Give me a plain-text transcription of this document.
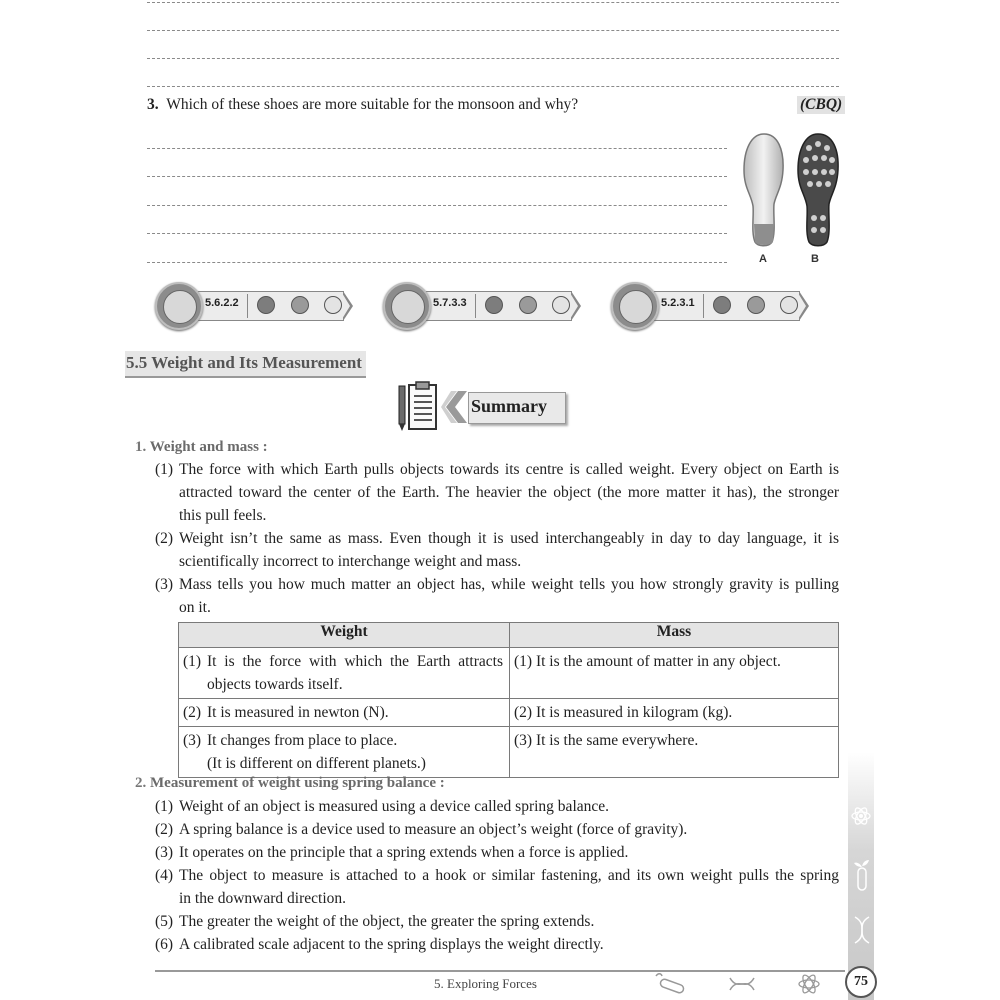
3. Which of these shoes are more suitable for the monsoon and why?	(CBQ)
A	B
5.6.2.2	5.7.3.3	5.2.3.1
5.5 Weight and Its Measurement
Summary
1. Weight and mass :
(1) The force with which Earth pulls objects towards its centre is called weight. Every object on Earth is
attracted toward the center of the Earth. The heavier the object (the more matter it has), the stronger
this pull feels.
(2) Weight isn’t the same as mass. Even though it is used interchangeably in day to day language, it is
scientifically incorrect to interchange weight and mass.
(3) Mass tells you how much matter an object has, while weight tells you how strongly gravity is pulling
on it.
Weight	Mass

(1) It is the force with which the Earth attracts
objects towards itself.	(1) It is the amount of matter in any object.

(2) It is measured in newton (N).	(2) It is measured in kilogram (kg).

(3) It changes from place to place.
(It is different on different planets.)	(3) It is the same everywhere.
2. Measurement of weight using spring balance :
(1) Weight of an object is measured using a device called spring balance.
(2) A spring balance is a device used to measure an object’s weight (force of gravity).
(3) It operates on the principle that a spring extends when a force is applied.
(4) The object to measure is attached to a hook or similar fastening, and its own weight pulls the spring
in the downward direction.
(5) The greater the weight of the object, the greater the spring extends.
(6) A calibrated scale adjacent to the spring displays the weight directly.
5. Exploring Forces	75
